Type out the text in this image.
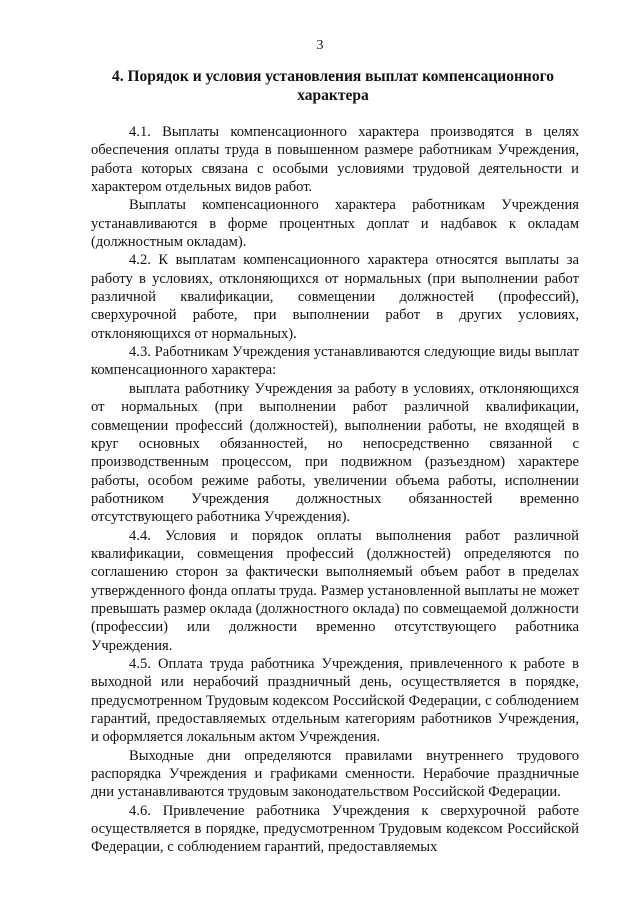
3
4. Порядок и условия установления выплат компенсационного характера

4.1. Выплаты компенсационного характера производятся в целях обеспечения оплаты труда в повышенном размере работникам Учреждения, работа которых связана с особыми условиями трудовой деятельности и характером отдельных видов работ.

Выплаты компенсационного характера работникам Учреждения устанавливаются в форме процентных доплат и надбавок к окладам (должностным окладам).

4.2. К выплатам компенсационного характера относятся выплаты за работу в условиях, отклоняющихся от нормальных (при выполнении работ различной квалификации, совмещении должностей (профессий), сверхурочной работе, при выполнении работ в других условиях, отклоняющихся от нормальных).

4.3. Работникам Учреждения устанавливаются следующие виды выплат компенсационного характера:

выплата работнику Учреждения за работу в условиях, отклоняющихся от нормальных (при выполнении работ различной квалификации, совмещении профессий (должностей), выполнении работы, не входящей в круг основных обязанностей, но непосредственно связанной с производственным процессом, при подвижном (разъездном) характере работы, особом режиме работы, увеличении объема работы, исполнении работником Учреждения должностных обязанностей временно отсутствующего работника Учреждения).

4.4. Условия и порядок оплаты выполнения работ различной квалификации, совмещения профессий (должностей) определяются по соглашению сторон за фактически выполняемый объем работ в пределах утвержденного фонда оплаты труда. Размер установленной выплаты не может превышать размер оклада (должностного оклада) по совмещаемой должности (профессии) или должности временно отсутствующего работника Учреждения.

4.5. Оплата труда работника Учреждения, привлеченного к работе в выходной или нерабочий праздничный день, осуществляется в порядке, предусмотренном Трудовым кодексом Российской Федерации, с соблюдением гарантий, предоставляемых отдельным категориям работников Учреждения, и оформляется локальным актом Учреждения.

Выходные дни определяются правилами внутреннего трудового распорядка Учреждения и графиками сменности. Нерабочие праздничные дни устанавливаются трудовым законодательством Российской Федерации.

4.6. Привлечение работника Учреждения к сверхурочной работе осуществляется в порядке, предусмотренном Трудовым кодексом Российской Федерации, с соблюдением гарантий, предоставляемых
